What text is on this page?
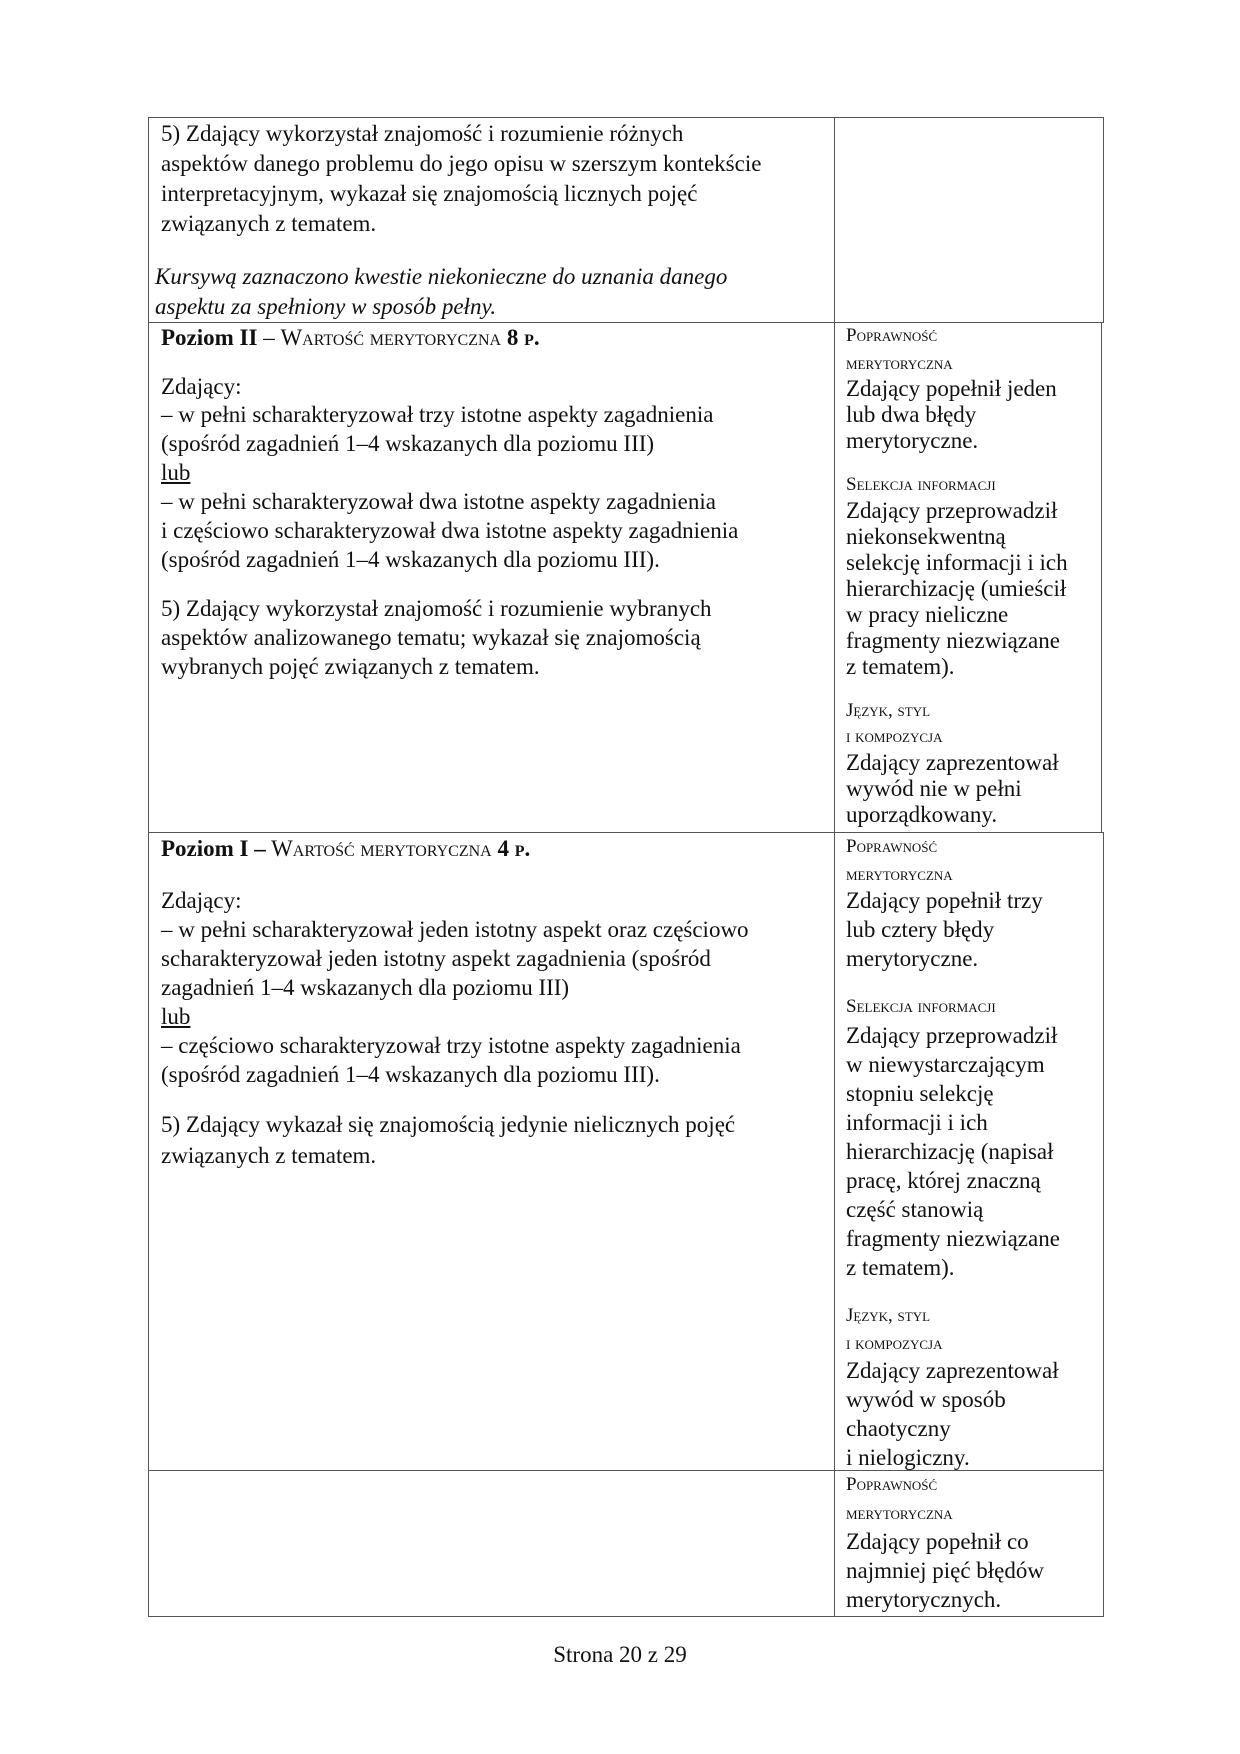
5) Zdający wykorzystał znajomość i rozumienie różnych
aspektów danego problemu do jego opisu w szerszym kontekście
interpretacyjnym, wykazał się znajomością licznych pojęć
związanych z tematem.
Kursywą zaznaczono kwestie niekonieczne do uznania danego
aspektu za spełniony w sposób pełny.
Poziom II – Wartość merytoryczna 8 p.
Zdający:
– w pełni scharakteryzował trzy istotne aspekty zagadnienia
(spośród zagadnień 1–4 wskazanych dla poziomu III)
lub
– w pełni scharakteryzował dwa istotne aspekty zagadnienia
i częściowo scharakteryzował dwa istotne aspekty zagadnienia
(spośród zagadnień 1–4 wskazanych dla poziomu III).
5) Zdający wykorzystał znajomość i rozumienie wybranych
aspektów analizowanego tematu; wykazał się znajomością
wybranych pojęć związanych z tematem.
Poprawność
merytoryczna
Zdający popełnił jeden
lub dwa błędy
merytoryczne.
Selekcja informacji
Zdający przeprowadził
niekonsekwentną
selekcję informacji i ich
hierarchizację (umieścił
w pracy nieliczne
fragmenty niezwiązane
z tematem).
Język, styl
i kompozycja
Zdający zaprezentował
wywód nie w pełni
uporządkowany.
Poziom I – Wartość merytoryczna 4 p.
Zdający:
– w pełni scharakteryzował jeden istotny aspekt oraz częściowo
scharakteryzował jeden istotny aspekt zagadnienia (spośród
zagadnień 1–4 wskazanych dla poziomu III)
lub
– częściowo scharakteryzował trzy istotne aspekty zagadnienia
(spośród zagadnień 1–4 wskazanych dla poziomu III).
5) Zdający wykazał się znajomością jedynie nielicznych pojęć
związanych z tematem.
Poprawność
merytoryczna
Zdający popełnił trzy
lub cztery błędy
merytoryczne.
Selekcja informacji
Zdający przeprowadził
w niewystarczającym
stopniu selekcję
informacji i ich
hierarchizację (napisał
pracę, której znaczną
część stanowią
fragmenty niezwiązane
z tematem).
Język, styl
i kompozycja
Zdający zaprezentował
wywód w sposób
chaotyczny
i nielogiczny.
Poprawność
merytoryczna
Zdający popełnił co
najmniej pięć błędów
merytorycznych.
Strona 20 z 29
